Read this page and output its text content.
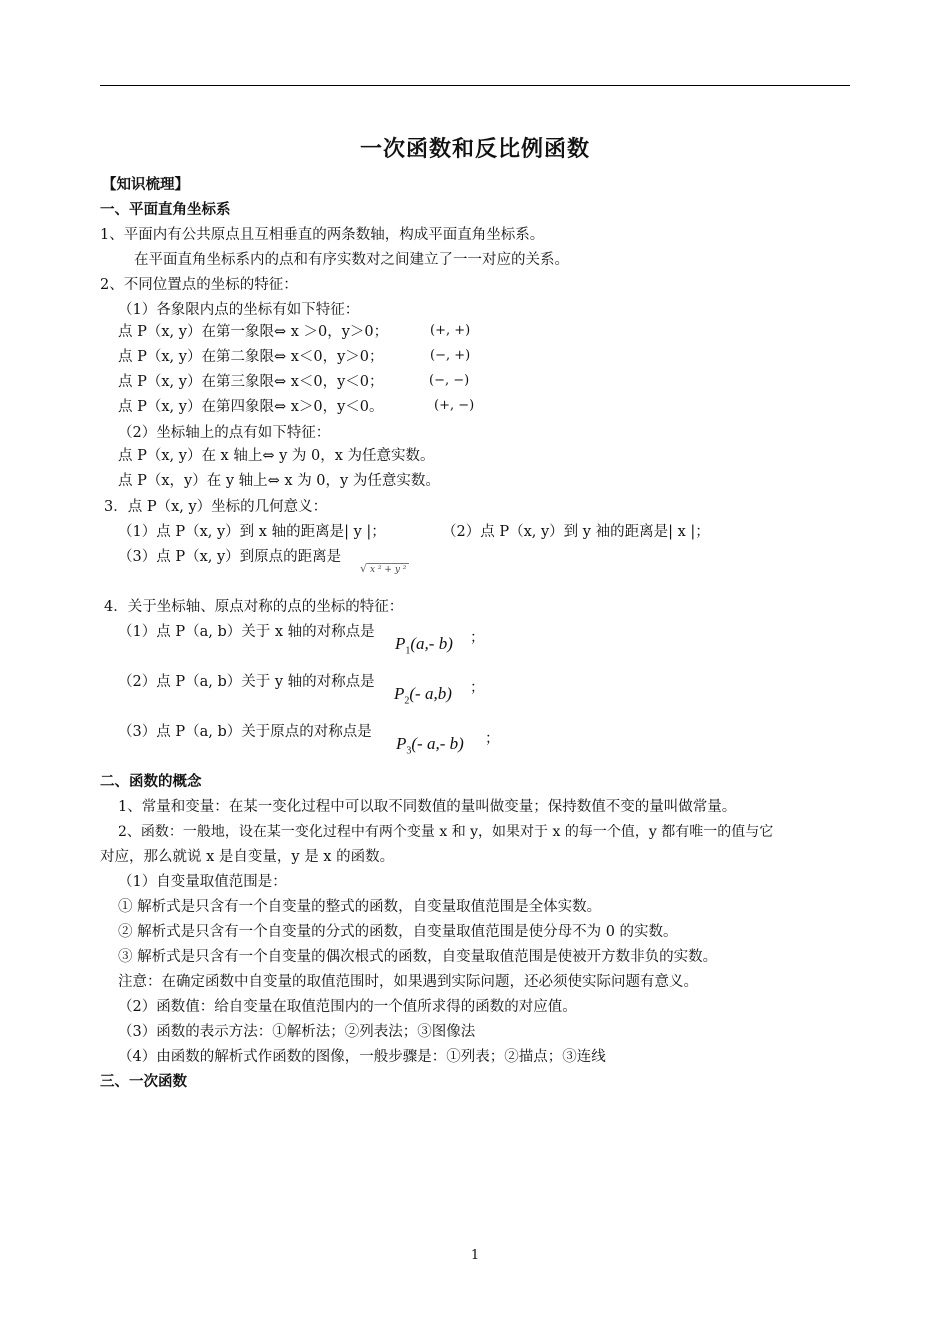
一次函数和反比例函数
【知识梳理】
一、平面直角坐标系
1、平面内有公共原点且互相垂直的两条数轴，构成平面直角坐标系。
在平面直角坐标系内的点和有序实数对之间建立了一一对应的关系。
2、不同位置点的坐标的特征：
（1）各象限内点的坐标有如下特征：
点 P（x, y）在第一象限⇔ x ＞0，y＞0；	(+, +)
点 P（x, y）在第二象限⇔ x＜0，y＞0；	(−, +)
点 P（x, y）在第三象限⇔ x＜0，y＜0；	(−, −)
点 P（x, y）在第四象限⇔ x＞0，y＜0。	(+, −)
（2）坐标轴上的点有如下特征：
点 P（x, y）在 x 轴上⇔ y 为 0，x 为任意实数。
点 P（x，y）在 y 轴上⇔ x 为 0，y 为任意实数。
3．点 P（x, y）坐标的几何意义：
（1）点 P（x, y）到 x 轴的距离是| y |；	（2）点 P（x, y）到 y 袖的距离是| x |；
（3）点 P（x, y）到原点的距离是
√ x ² + y ²
4．关于坐标轴、原点对称的点的坐标的特征：
（1）点 P（a, b）关于 x 轴的对称点是
$P_1(a,-$ b) ；
（2）点 P（a, b）关于 y 轴的对称点是
$P_2(-$ a,b) ；
（3）点 P（a, b）关于原点的对称点是
$P_3(-$ a,- b) ；
二、函数的概念
1、常量和变量：在某一变化过程中可以取不同数值的量叫做变量；保持数值不变的量叫做常量。
2、函数：一般地，设在某一变化过程中有两个变量 x 和 y，如果对于 x 的每一个值，y 都有唯一的值与它
对应，那么就说 x 是自变量，y 是 x 的函数。
（1）自变量取值范围是：
① 解析式是只含有一个自变量的整式的函数，自变量取值范围是全体实数。
② 解析式是只含有一个自变量的分式的函数，自变量取值范围是使分母不为 0 的实数。
③ 解析式是只含有一个自变量的偶次根式的函数，自变量取值范围是使被开方数非负的实数。
注意：在确定函数中自变量的取值范围时，如果遇到实际问题，还必须使实际问题有意义。
（2）函数值：给自变量在取值范围内的一个值所求得的函数的对应值。
（3）函数的表示方法：①解析法；②列表法；③图像法
（4）由函数的解析式作函数的图像，一般步骤是：①列表；②描点；③连线
三、一次函数
1
